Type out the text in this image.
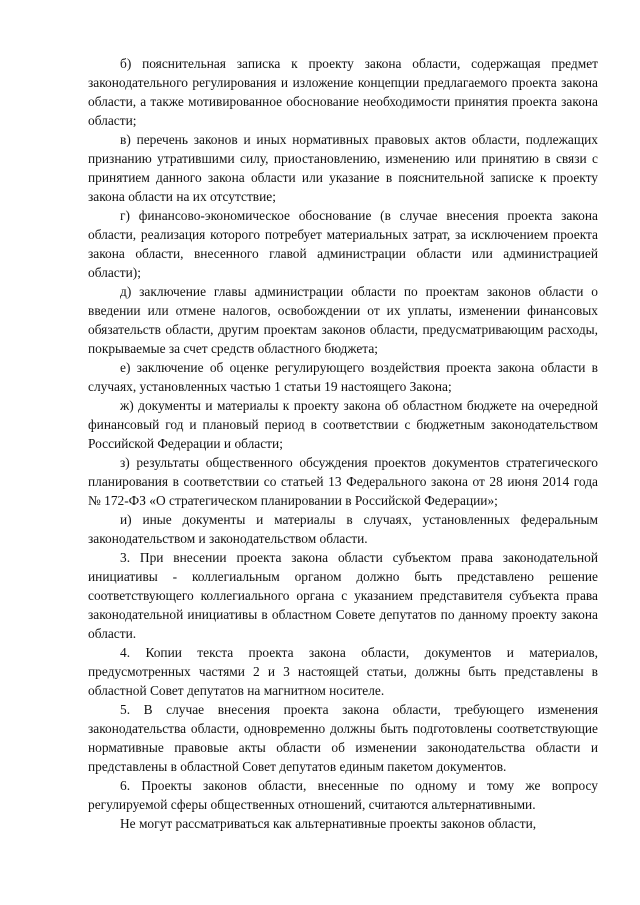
б) пояснительная записка к проекту закона области, содержащая предмет законодательного регулирования и изложение концепции предлагаемого проекта закона области, а также мотивированное обоснование необходимости принятия проекта закона области;

в) перечень законов и иных нормативных правовых актов области, подлежащих признанию утратившими силу, приостановлению, изменению или принятию в связи с принятием данного закона области или указание в пояснительной записке к проекту закона области на их отсутствие;

г) финансово-экономическое обоснование (в случае внесения проекта закона области, реализация которого потребует материальных затрат, за исключением проекта закона области, внесенного главой администрации области или администрацией области);

д) заключение главы администрации области по проектам законов области о введении или отмене налогов, освобождении от их уплаты, изменении финансовых обязательств области, другим проектам законов области, предусматривающим расходы, покрываемые за счет средств областного бюджета;

е) заключение об оценке регулирующего воздействия проекта закона области в случаях, установленных частью 1 статьи 19 настоящего Закона;

ж) документы и материалы к проекту закона об областном бюджете на очередной финансовый год и плановый период в соответствии с бюджетным законодательством Российской Федерации и области;

з) результаты общественного обсуждения проектов документов стратегического планирования в соответствии со статьей 13 Федерального закона от 28 июня 2014 года № 172-ФЗ «О стратегическом планировании в Российской Федерации»;

и) иные документы и материалы в случаях, установленных федеральным законодательством и законодательством области.

3. При внесении проекта закона области субъектом права законодательной инициативы - коллегиальным органом должно быть представлено решение соответствующего коллегиального органа с указанием представителя субъекта права законодательной инициативы в областном Совете депутатов по данному проекту закона области.

4. Копии текста проекта закона области, документов и материалов, предусмотренных частями 2 и 3 настоящей статьи, должны быть представлены в областной Совет депутатов на магнитном носителе.

5. В случае внесения проекта закона области, требующего изменения законодательства области, одновременно должны быть подготовлены соответствующие нормативные правовые акты области об изменении законодательства области и представлены в областной Совет депутатов единым пакетом документов.

6. Проекты законов области, внесенные по одному и тому же вопросу регулируемой сферы общественных отношений, считаются альтернативными.

Не могут рассматриваться как альтернативные проекты законов области,
